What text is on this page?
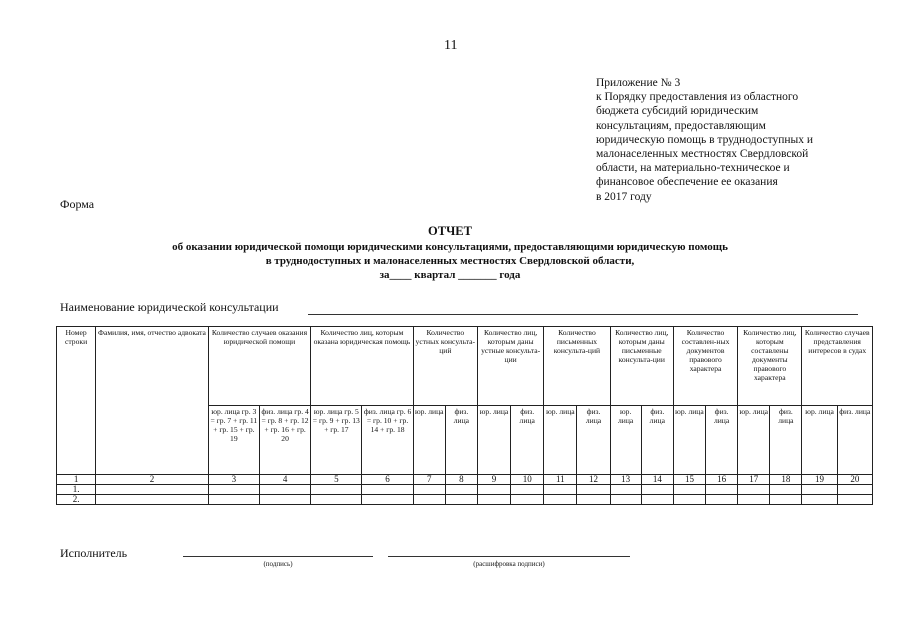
11
Приложение № 3
к Порядку предоставления из областного
бюджета субсидий юридическим
консультациям, предоставляющим
юридическую помощь в труднодоступных и
малонаселенных местностях Свердловской
области, на материально-техническое и
финансовое обеспечение ее оказания
в 2017 году
Форма
ОТЧЕТ
об оказании юридической помощи юридическими консультациями, предоставляющими юридическую помощь
в труднодоступных и малонаселенных местностях Свердловской области,
за____ квартал _______ года
Наименование юридической консультации
Номер строки	Фамилия, имя, отчество адвоката	Количество случаев оказания юридической помощи		Количество лиц, которым оказана юридическая помощь		Количество устных консульта-ций		Количество лиц, которым даны устные консульта-ции		Количество письменных консульта-ций		Количество лиц, которым даны письменные консульта-ции		Количество составлен-ных документов правового характера		Количество лиц, которым составлены документы правового характера		Количество случаев представления интересов в судах	
		юр. лица гр. 3 = гр. 7 + гр. 11 + гр. 15 + гр. 19	физ. лица гр. 4 = гр. 8 + гр. 12 + гр. 16 + гр. 20	юр. лица гр. 5 = гр. 9 + гр. 13 + гр. 17	физ. лица гр. 6 = гр. 10 + гр. 14 + гр. 18	юр. лица	физ. лица	юр. лица	физ. лица	юр. лица	физ. лица	юр. лица	физ. лица	юр. лица	физ. лица	юр. лица	физ. лица	юр. лица	физ. лица
1	2	3	4	5	6	7	8	9	10	11	12	13	14	15	16	17	18	19	20
1.																			
2.																			
Исполнитель
(подпись)	(расшифровка подписи)
